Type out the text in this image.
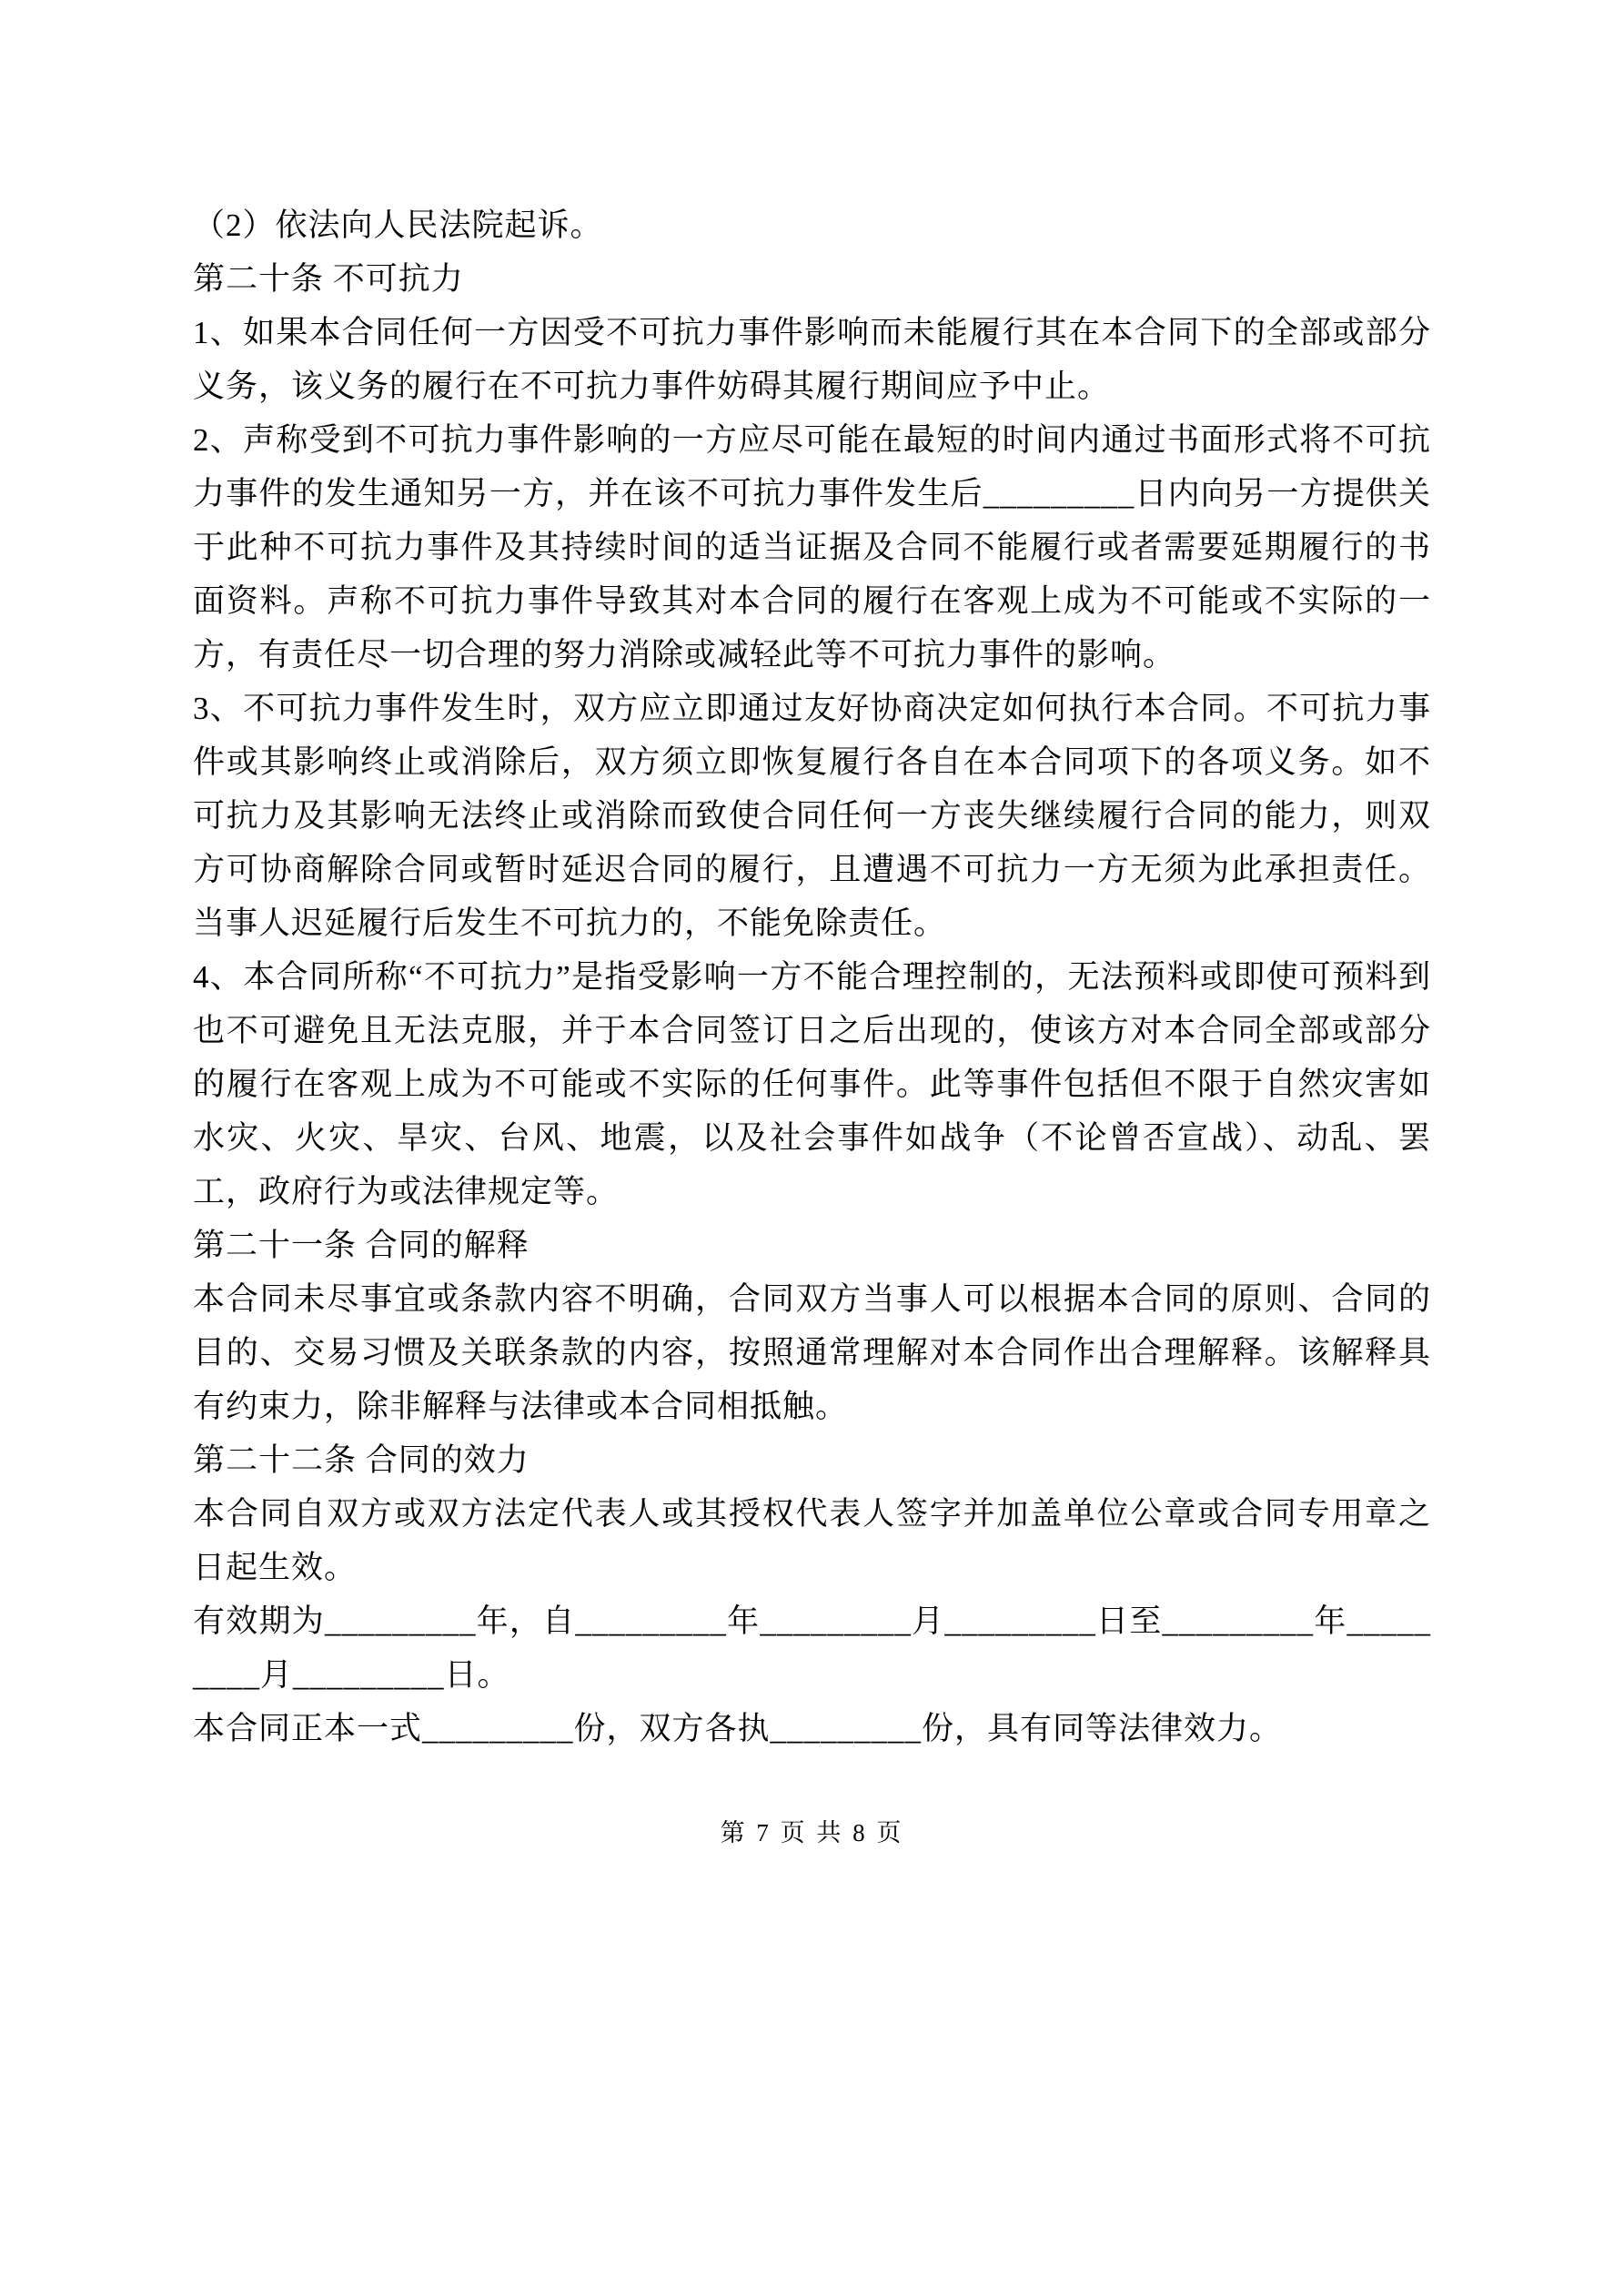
（2）依法向人民法院起诉。

第二十条 不可抗力

1、如果本合同任何一方因受不可抗力事件影响而未能履行其在本合同下的全部或部分义务，该义务的履行在不可抗力事件妨碍其履行期间应予中止。

2、声称受到不可抗力事件影响的一方应尽可能在最短的时间内通过书面形式将不可抗力事件的发生通知另一方，并在该不可抗力事件发生后_________日内向另一方提供关于此种不可抗力事件及其持续时间的适当证据及合同不能履行或者需要延期履行的书面资料。声称不可抗力事件导致其对本合同的履行在客观上成为不可能或不实际的一方，有责任尽一切合理的努力消除或减轻此等不可抗力事件的影响。

3、不可抗力事件发生时，双方应立即通过友好协商决定如何执行本合同。不可抗力事件或其影响终止或消除后，双方须立即恢复履行各自在本合同项下的各项义务。如不可抗力及其影响无法终止或消除而致使合同任何一方丧失继续履行合同的能力，则双方可协商解除合同或暂时延迟合同的履行，且遭遇不可抗力一方无须为此承担责任。当事人迟延履行后发生不可抗力的，不能免除责任。

4、本合同所称“不可抗力”是指受影响一方不能合理控制的，无法预料或即使可预料到也不可避免且无法克服，并于本合同签订日之后出现的，使该方对本合同全部或部分的履行在客观上成为不可能或不实际的任何事件。此等事件包括但不限于自然灾害如水灾、火灾、旱灾、台风、地震，以及社会事件如战争（不论曾否宣战）、动乱、罢工，政府行为或法律规定等。

第二十一条 合同的解释

本合同未尽事宜或条款内容不明确，合同双方当事人可以根据本合同的原则、合同的目的、交易习惯及关联条款的内容，按照通常理解对本合同作出合理解释。该解释具有约束力，除非解释与法律或本合同相抵触。

第二十二条 合同的效力

本合同自双方或双方法定代表人或其授权代表人签字并加盖单位公章或合同专用章之日起生效。

有效期为_________年，自_________年_________月_________日至_________年_________月_________日。

本合同正本一式_________份，双方各执_________份，具有同等法律效力。

第 7 页 共 8 页
